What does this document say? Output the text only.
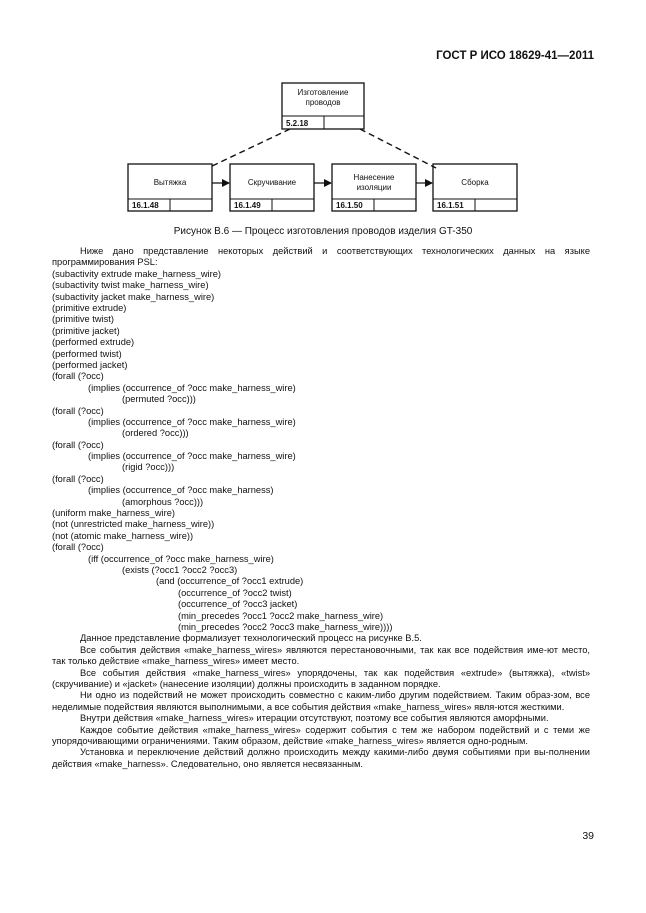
ГОСТ Р ИСО 18629-41—2011
Изготовление
проводов
5.2.18
Вытяжка
16.1.48
Скручивание
16.1.49
Нанесение
изоляции
16.1.50
Сборка
16.1.51
Рисунок В.6 — Процесс изготовления проводов изделия GT-350

Ниже дано представление некоторых действий и соответствующих технологических данных на языке программирования PSL:

(subactivity extrude make_harness_wire)
(subactivity twist make_harness_wire)
(subactivity jacket make_harness_wire)
(primitive extrude)
(primitive twist)
(primitive jacket)
(performed extrude)
(performed twist)
(performed jacket)
(forall (?occ)
(implies (occurrence_of ?occ make_harness_wire)
(permuted ?occ)))
(forall (?occ)
(implies (occurrence_of ?occ make_harness_wire)
(ordered ?occ)))
(forall (?occ)
(implies (occurrence_of ?occ make_harness_wire)
(rigid ?occ)))
(forall (?occ)
(implies (occurrence_of ?occ make_harness)
(amorphous ?occ)))
(uniform make_harness_wire)
(not (unrestricted make_harness_wire))
(not (atomic make_harness_wire))
(forall (?occ)
(iff (occurrence_of ?occ make_harness_wire)
(exists (?occ1 ?occ2 ?occ3)
(and (occurrence_of ?occ1 extrude)
(occurrence_of ?occ2 twist)
(occurrence_of ?occ3 jacket)
(min_precedes ?occ1 ?occ2 make_harness_wire)
(min_precedes ?occ2 ?occ3 make_harness_wire))))

Данное представление формализует технологический процесс на рисунке В.5.

Все события действия «make_harness_wires» являются перестановочными, так как все подействия име-ют место, так только действие «make_harness_wires» имеет место.

Все события действия «make_harness_wires» упорядочены, так как подействия «extrude» (вытяжка), «twist» (скручивание) и «jacket» (нанесение изоляции) должны происходить в заданном порядке.

Ни одно из подействий не может происходить совместно с каким-либо другим подействием. Таким образ-зом, все неделимые подействия являются выполнимыми, а все события действия «make_harness_wires» явля-ются жесткими.

Внутри действия «make_harness_wires» итерации отсутствуют, поэтому все события являются аморфными.

Каждое событие действия «make_harness_wires» содержит события с тем же набором подействий и с теми же упорядочивающими ограничениями. Таким образом, действие «make_harness_wires» является одно-родным.

Установка и переключение действий должно происходить между какими-либо двумя событиями при вы-полнении действия «make_harness». Следовательно, оно является несвязанным.

39
